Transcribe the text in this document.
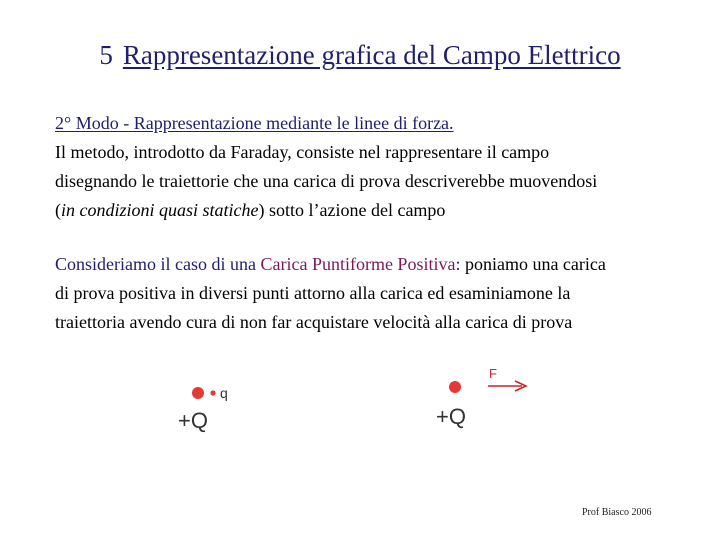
5 Rappresentazione grafica del Campo Elettrico
2° Modo - Rappresentazione mediante le linee di forza.
Il metodo, introdotto da Faraday, consiste nel rappresentare il campo
disegnando le traiettorie che una carica di prova descriverebbe muovendosi
(in condizioni quasi statiche) sotto l’azione del campo
Consideriamo il caso di una Carica Puntiforme Positiva: poniamo una carica
di prova positiva in diversi punti attorno alla carica ed esaminiamone la
traiettoria avendo cura di non far acquistare velocità alla carica di prova
q
+Q	+Q
F
Prof Biasco 2006
